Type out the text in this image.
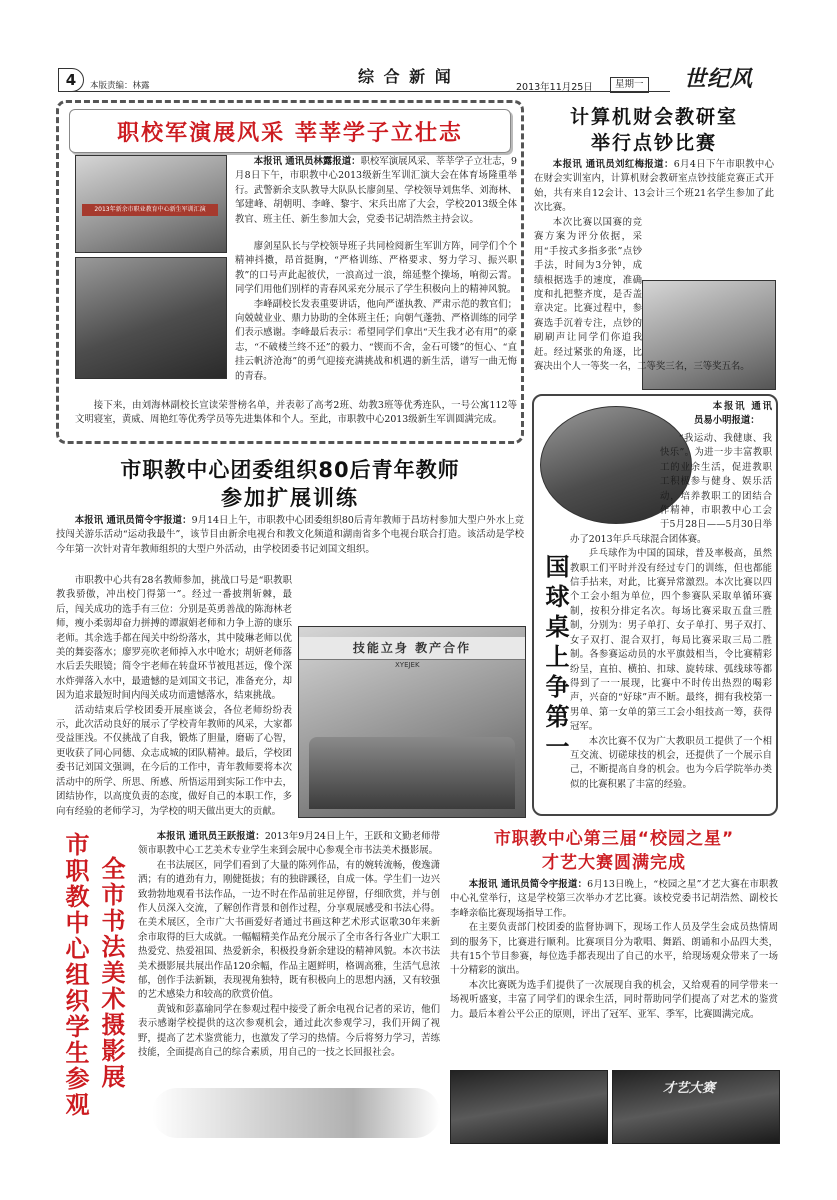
4	本版责编：林露	综 合 新 闻
2013年11月25日	星期一 世纪风
职校军演展风采 莘莘学子立壮志
2013年新余市职业教育中心新生军训汇演

本报讯 通讯员林露报道：职校军演展风采、莘莘学子立壮志，9月8日下午，市职教中心2013级新生军训汇演大会在体育场隆重举行。武警新余支队教导大队队长廖剑星、学校领导刘焦华、刘海林、邹建峰、胡朝明、李峰、黎宇、宋兵出席了大会，学校2013级全体教官、班主任、新生参加大会，党委书记胡浩然主持会议。

廖剑星队长与学校领导班子共同检阅新生军训方阵，同学们个个精神抖擞，昂首挺胸，“严格训练、严格要求、努力学习、振兴职教”的口号声此起彼伏，一浪高过一浪，绵延整个操场，响彻云霄。同学们用他们别样的青春风采充分展示了学生积极向上的精神风貌。

李峰副校长发表重要讲话，他向严谨执教、严肃示范的教官们；向兢兢业业、鼎力协助的全体班主任；向朝气蓬勃、严格训练的同学们表示感谢。李峰最后表示：希望同学们拿出“天生我才必有用”的豪志，“不破楼兰终不还”的毅力、“锲而不舍，金石可镂”的恒心、“直挂云帆济沧海”的勇气迎接充满挑战和机遇的新生活，谱写一曲无悔的青春。

接下来，由刘海林副校长宣读荣誉榜名单，并表彰了高考2班、幼教3班等优秀连队，一号公寓112等文明寝室，黄威、周艳红等优秀学员等先进集体和个人。至此，市职教中心2013级新生军训圆满完成。

计算机财会教研室
举行点钞比赛

本报讯 通讯员刘红梅报道：6月4日下午市职教中心在财会实训室内，计算机财会教研室点钞技能竞赛正式开始，共有来自12会计、13会计三个班21名学生参加了此次比赛。

本次比赛以国赛的竞赛方案为评分依据，采用“手按式多指多张”点钞手法，时间为3分钟，成绩根据选手的速度，准确度和扎把整齐度，是否盖章决定。比赛过程中，参赛选手沉着专注，点钞的刷刷声让同学们你追我赶。经过紧张的角逐，比赛决出个人一等奖一名，二等奖三名，三等奖五名。

本报讯 通讯员易小明报道：

国球桌上争第一

“我运动、我健康、我快乐”。为进一步丰富教职工的业余生活，促进教职工积极参与健身、娱乐活动，培养教职工的团结合作精神，市职教中心工会于5月28日——5月30日举办了2013年乒乓球混合团体赛。

乒乓球作为中国的国球，普及率极高，虽然教职工们平时并没有经过专门的训练，但也都能信手拈来，对此，比赛异常激烈。本次比赛以四个工会小组为单位，四个参赛队采取单循环赛制，按积分排定名次。每场比赛采取五盘三胜制，分别为：男子单打、女子单打、男子双打、女子双打、混合双打，每局比赛采取三局二胜制。各参赛运动员的水平旗鼓相当，令比赛精彩纷呈，直拍、横拍、扣球、旋转球、弧线球等都得到了一一展现，比赛中不时传出热烈的喝彩声，兴奋的“好球”声不断。最终，拥有我校第一男单、第一女单的第三工会小组技高一筹，获得冠军。

本次比赛不仅为广大教职员工提供了一个相互交流、切磋球技的机会，还提供了一个展示自己，不断提高自身的机会。也为今后学院举办类似的比赛积累了丰富的经验。

市职教中心团委组织80后青年教师
参加扩展训练

本报讯 通讯员简令宇报道：9月14日上午，市职教中心团委组织80后青年教师于昌坊村参加大型户外水上竞技闯关游乐活动“运动我最牛”，该节目由新余电视台和教文化频道和湖南省多个电视台联合打造。该活动是学校今年第一次针对青年教师组织的大型户外活动，由学校团委书记刘国文组织。

市职教中心共有28名教师参加，挑战口号是“职教职教我骄傲，冲出校门得第一”。经过一番披荆斩棘，最后，闯关成功的选手有三位：分别是英勇善战的陈海林老师，瘦小柔弱却奋力拼搏的谭淑娟老师和力争上游的康乐老师。其余选手都在闯关中纷纷落水，其中陵琳老师以优美的舞姿落水；廖罗亮吹老师掉入水中呛水；胡妍老师落水后丢失眼镜；简令宇老师在转盘环节被甩甚远，像个深水炸弹落入水中，最遗憾的是刘国文书记，准备充分，却因为追求最短时间内闯关成功而遗憾落水，结束挑战。

活动结束后学校团委开展座谈会，各位老师纷纷表示，此次活动良好的展示了学校青年教师的风采，大家都受益匪浅。不仅挑战了自我，锻炼了胆量，磨砺了心智，更收获了同心同德、众志成城的团队精神。最后，学校团委书记刘国文强调，在今后的工作中，青年教师要将本次活动中的所学、所思、所感、所悟运用到实际工作中去，团结协作，以高度负责的态度，做好自己的本职工作，多向有经验的老师学习，为学校的明天做出更大的贡献。

技能立身 教产合作
XYEJEK
市职教中心组织学生参观 全市书法美术摄影展

本报讯 通讯员王跃报道：2013年9月24日上午，王跃和文勤老师带领市职教中心工艺美术专业学生来到会展中心参观全市书法美术摄影展。

在书法展区，同学们看到了大量的陈列作品，有的婉转流畅，俊逸潇洒；有的遒劲有力，刚健挺拔；有的独辟蹊径，自成一体。学生们一边兴致勃勃地观看书法作品，一边不时在作品前驻足停留，仔细欣赏，并与创作人员深入交流，了解创作背景和创作过程，分享观展感受和书法心得。在美术展区，全市广大书画爱好者通过书画这种艺术形式讴歌30年来新余市取得的巨大成就。一幅幅精美作品充分展示了全市各行各业广大职工热爱党、热爱祖国、热爱新余，积极投身新余建设的精神风貌。本次书法美术摄影展共展出作品120余幅，作品主题鲜明，格调高雅，生活气息浓郁，创作手法新颖，表现视角独特，既有积极向上的思想内涵，又有较强的艺术感染力和较高的欣赏价值。

黄钺和彭嘉瑜同学在参观过程中接受了新余电视台记者的采访，他们表示感谢学校提供的这次参观机会，通过此次参观学习，我们开阔了视野，提高了艺术鉴赏能力，也激发了学习的热情。今后将努力学习，苦练技能，全面提高自己的综合素质，用自己的一技之长回报社会。

市职教中心第三届“校园之星”
才艺大赛圆满完成

本报讯 通讯员简令宇报道：6月13日晚上，“校园之星”才艺大赛在市职教中心礼堂举行，这是学校第三次举办才艺比赛。该校党委书记胡浩然、副校长李峰亲临比赛现场指导工作。

在主要负责部门校团委的监督协调下，现场工作人员及学生会成员热情周到的服务下，比赛进行顺利。比赛项目分为歌唱、舞蹈、朗诵和小品四大类，共有15个节目参赛，每位选手都表现出了自己的水平，给现场观众带来了一场十分精彩的演出。

本次比赛既为选手们提供了一次展现自我的机会，又给观看的同学带来一场视听盛宴，丰富了同学们的课余生活，同时帮助同学们提高了对艺术的鉴赏力。最后本着公平公正的原则，评出了冠军、亚军、季军，比赛圆满完成。

才艺大赛
